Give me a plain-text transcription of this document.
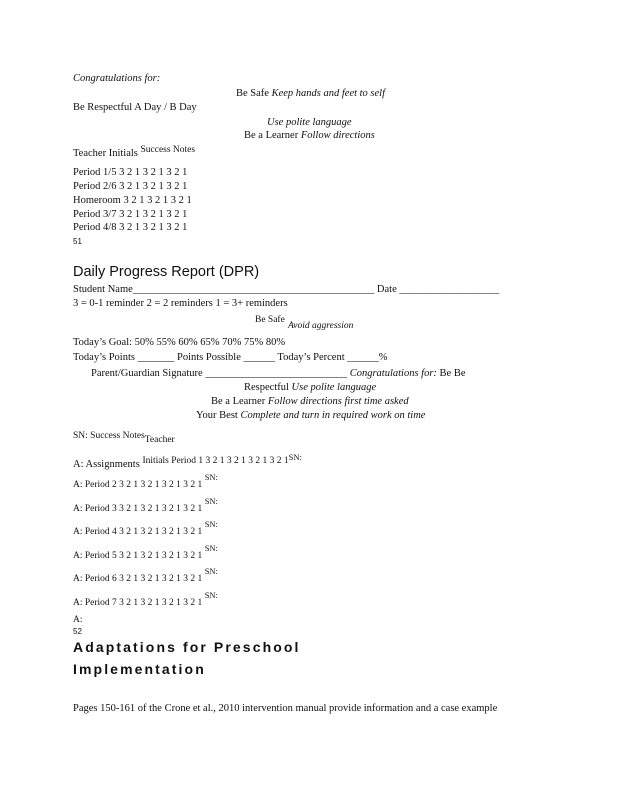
Congratulations for:
Be Safe Keep hands and feet to self
Be Respectful A Day / B Day
Use polite language
Be a Learner Follow directions
Teacher Initials Success Notes
Period 1/5 3 2 1 3 2 1 3 2 1
Period 2/6 3 2 1 3 2 1 3 2 1
Homeroom 3 2 1 3 2 1 3 2 1
Period 3/7 3 2 1 3 2 1 3 2 1
Period 4/8 3 2 1 3 2 1 3 2 1
51
Daily Progress Report (DPR)
Student Name______________________________________________ Date ___________________
3 = 0-1 reminder 2 = 2 reminders 1 = 3+ reminders
Be Safe
Avoid aggression
Today’s Goal: 50% 55% 60% 65% 70% 75% 80%
Today’s Points _______ Points Possible ______ Today’s Percent ______%
Parent/Guardian Signature ___________________________ Congratulations for: Be Be
Respectful Use polite language
Be a Learner Follow directions first time asked
Your Best Complete and turn in required work on time
SN: Success NotesTeacher
A: Assignments Initials Period 1 3 2 1 3 2 1 3 2 1 3 2 $1^{SN:}$
A: Period 2 3 2 1 3 2 1 3 2 1 3 2 1 SN:
A: Period 3 3 2 1 3 2 1 3 2 1 3 2 1 SN:
A: Period 4 3 2 1 3 2 1 3 2 1 3 2 1 SN:
A: Period 5 3 2 1 3 2 1 3 2 1 3 2 1 SN:
A: Period 6 3 2 1 3 2 1 3 2 1 3 2 1 SN:
A: Period 7 3 2 1 3 2 1 3 2 1 3 2 1 SN:
A:
52
Adaptations for Preschool
Implementation
Pages 150-161 of the Crone et al., 2010 intervention manual provide information and a case example
